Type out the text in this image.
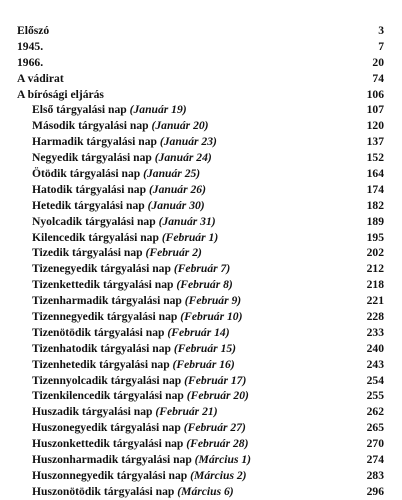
Előszó	3
1945.	7
1966.	20
A vádirat	74
A bírósági eljárás	106
Első tárgyalási nap (Január 19)	107
Második tárgyalási nap (Január 20)	120
Harmadik tárgyalási nap (Január 23)	137
Negyedik tárgyalási nap (Január 24)	152
Ötödik tárgyalási nap (Január 25)	164
Hatodik tárgyalási nap (Január 26)	174
Hetedik tárgyalási nap (Január 30)	182
Nyolcadik tárgyalási nap (Január 31)	189
Kilencedik tárgyalási nap (Február 1)	195
Tizedik tárgyalási nap (Február 2)	202
Tizenegyedik tárgyalási nap (Február 7)	212
Tizenkettedik tárgyalási nap (Február 8)	218
Tizenharmadik tárgyalási nap (Február 9)	221
Tizennegyedik tárgyalási nap (Február 10)	228
Tizenötödik tárgyalási nap (Február 14)	233
Tizenhatodik tárgyalási nap (Február 15)	240
Tizenhetedik tárgyalási nap (Február 16)	243
Tizennyolcadik tárgyalási nap (Február 17)	254
Tizenkilencedik tárgyalási nap (Február 20)	255
Huszadik tárgyalási nap (Február 21)	262
Huszonegyedik tárgyalási nap (Február 27)	265
Huszonkettedik tárgyalási nap (Február 28)	270
Huszonharmadik tárgyalási nap (Március 1)	274
Huszonnegyedik tárgyalási nap (Március 2)	283
Huszonötödik tárgyalási nap (Március 6)	296
